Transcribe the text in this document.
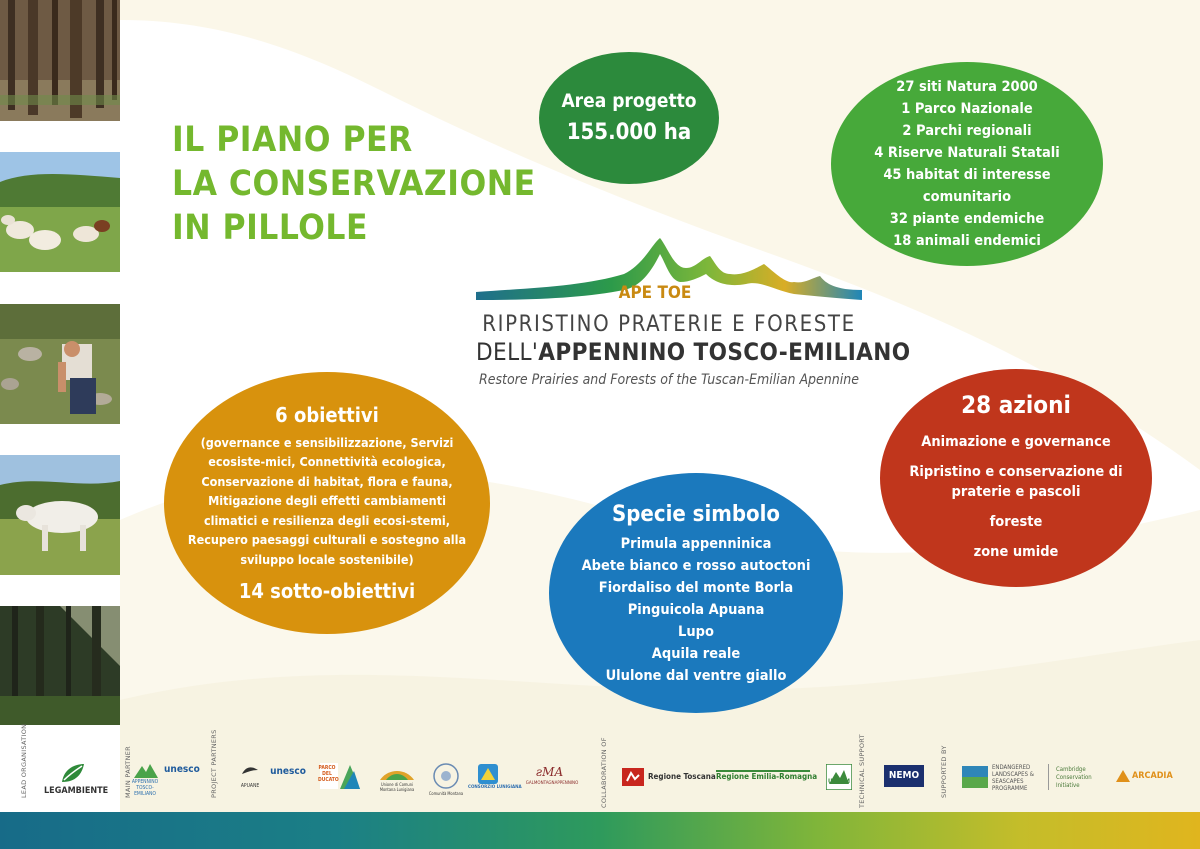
IL PIANO PER
LA CONSERVAZIONE
IN PILLOLE
Area progetto
155.000 ha
27 siti Natura 2000
1 Parco Nazionale
2 Parchi regionali
4 Riserve Naturali Statali
45 habitat di interesse
comunitario
32 piante endemiche
18 animali endemici
APE TOE
RIPRISTINO PRATERIE E FORESTE
DELL'APPENNINO TOSCO-EMILIANO
Restore Prairies and Forests of the Tuscan-Emilian Apennine
6 obiettivi
(governance e sensibilizzazione, Servizi ecosiste-mici, Connettività ecologica, Conservazione di habitat, flora e fauna, Mitigazione degli effetti cambiamenti climatici e resilienza degli ecosi-stemi, Recupero paesaggi culturali e sostegno alla sviluppo locale sostenibile)
14 sotto-obiettivi
Specie simbolo
Primula appenninica
Abete bianco e rosso autoctoni
Fiordaliso del monte Borla
Pinguicola Apuana
Lupo
Aquila reale
Ululone dal ventre giallo
28 azioni
Animazione e governance
Ripristino e conservazione di praterie e pascoli
foreste
zone umide
LEAD ORGANISATION	MAIN PARTNER	PROJECT PARTNERS	COLLABORATION OF	TECHNICAL SUPPORT	SUPPORTED BY
LEGAMBIENTE
APPENNINO TOSCO-EMILIANO
unesco
APUANE
unesco	PARCO DEL DUCATO
Unione di Comuni Montana Lunigiana
Comunità Montana
CONSORZIO LUNIGIANA
ƨMA
GALMONTAGNAPPENNINO
Regione Toscana Regione Emilia-Romagna
UNCEM
NEMO
ENDANGERED LANDSCAPES & SEASCAPES PROGRAMME
Cambridge Conservation Initiative
ARCADIA
